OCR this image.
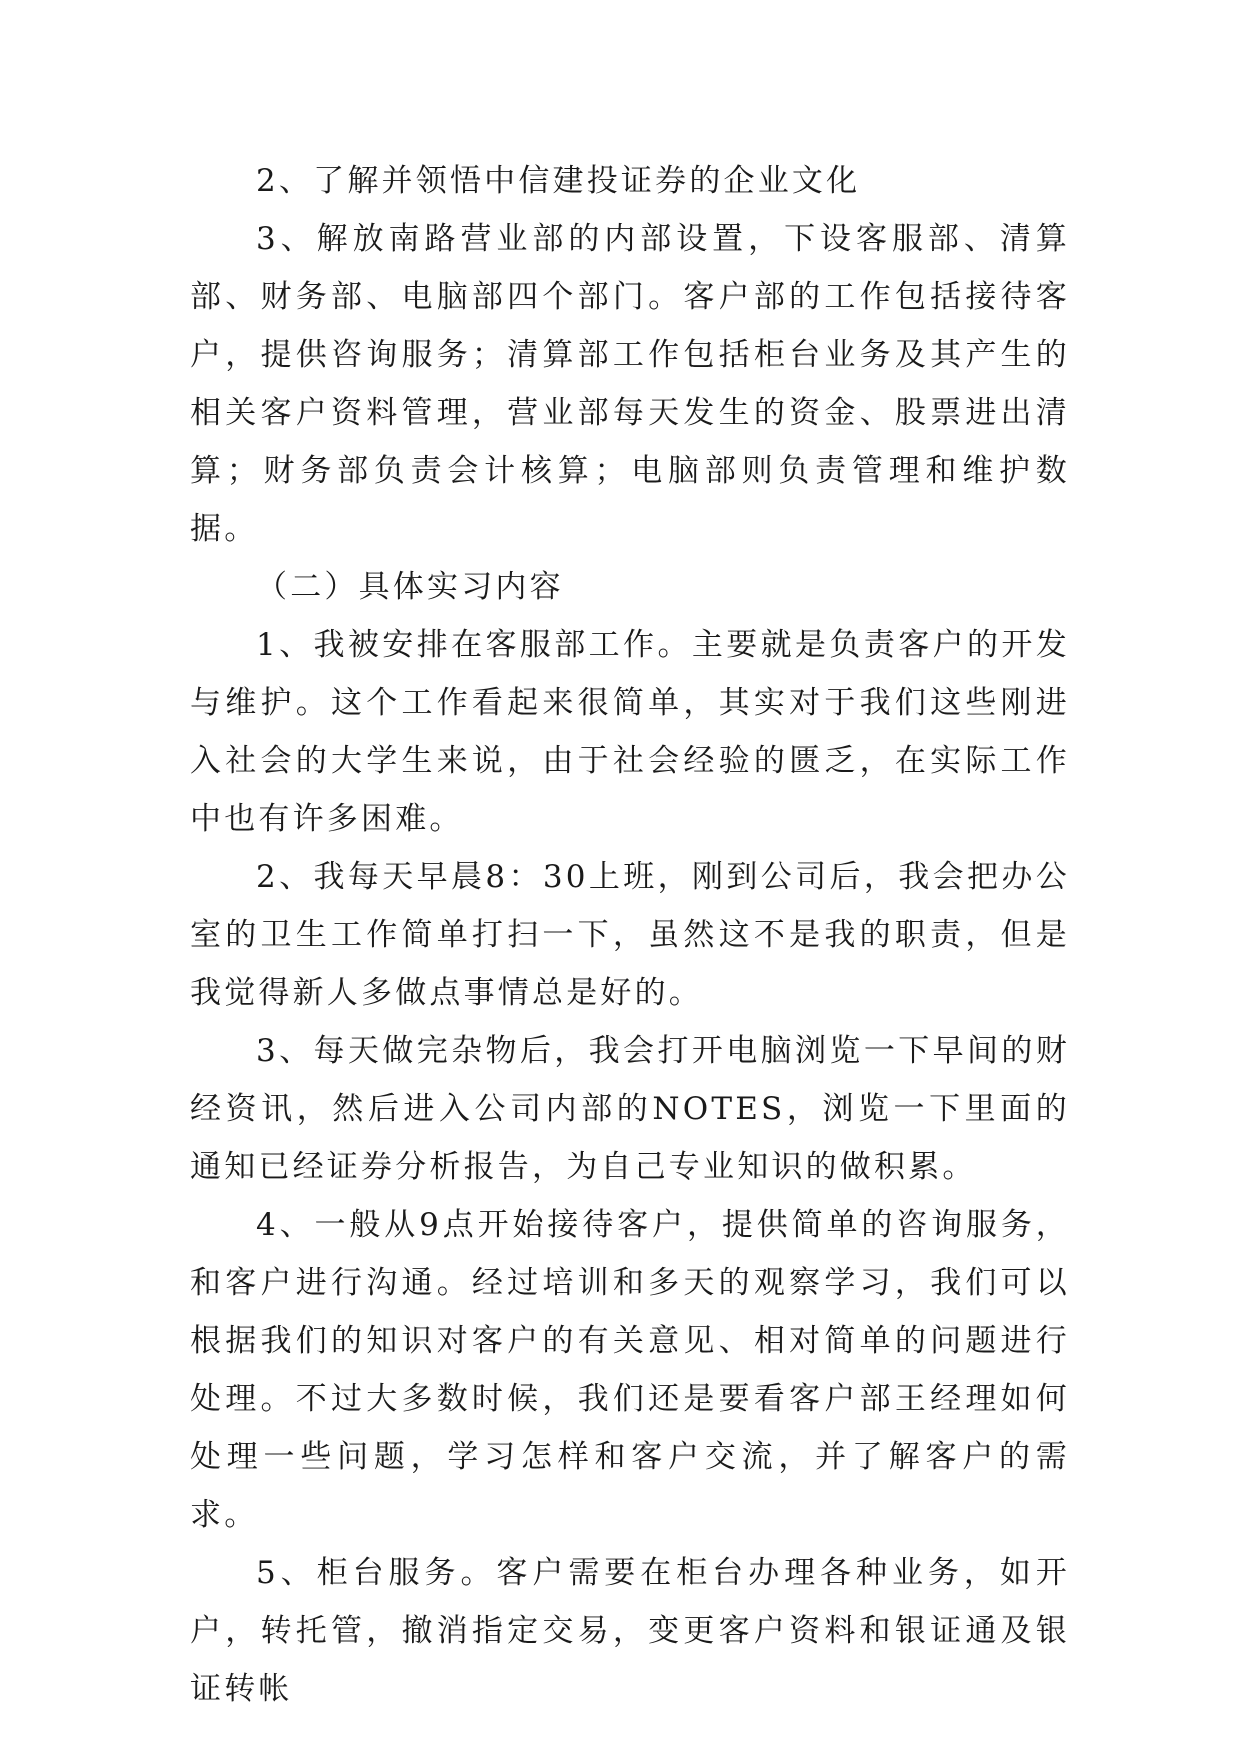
2、了解并领悟中信建投证券的企业文化

3、解放南路营业部的内部设置，下设客服部、清算部、财务部、电脑部四个部门。客户部的工作包括接待客户，提供咨询服务；清算部工作包括柜台业务及其产生的相关客户资料管理，营业部每天发生的资金、股票进出清算；财务部负责会计核算；电脑部则负责管理和维护数据。

（二）具体实习内容

1、我被安排在客服部工作。主要就是负责客户的开发与维护。这个工作看起来很简单，其实对于我们这些刚进入社会的大学生来说，由于社会经验的匮乏，在实际工作中也有许多困难。

2、我每天早晨8：30上班，刚到公司后，我会把办公室的卫生工作简单打扫一下，虽然这不是我的职责，但是我觉得新人多做点事情总是好的。

3、每天做完杂物后，我会打开电脑浏览一下早间的财经资讯，然后进入公司内部的NOTES，浏览一下里面的通知已经证券分析报告，为自己专业知识的做积累。

4、一般从9点开始接待客户，提供简单的咨询服务，和客户进行沟通。经过培训和多天的观察学习，我们可以根据我们的知识对客户的有关意见、相对简单的问题进行处理。不过大多数时候，我们还是要看客户部王经理如何处理一些问题，学习怎样和客户交流，并了解客户的需求。

5、柜台服务。客户需要在柜台办理各种业务，如开户，转托管，撤消指定交易，变更客户资料和银证通及银证转帐
